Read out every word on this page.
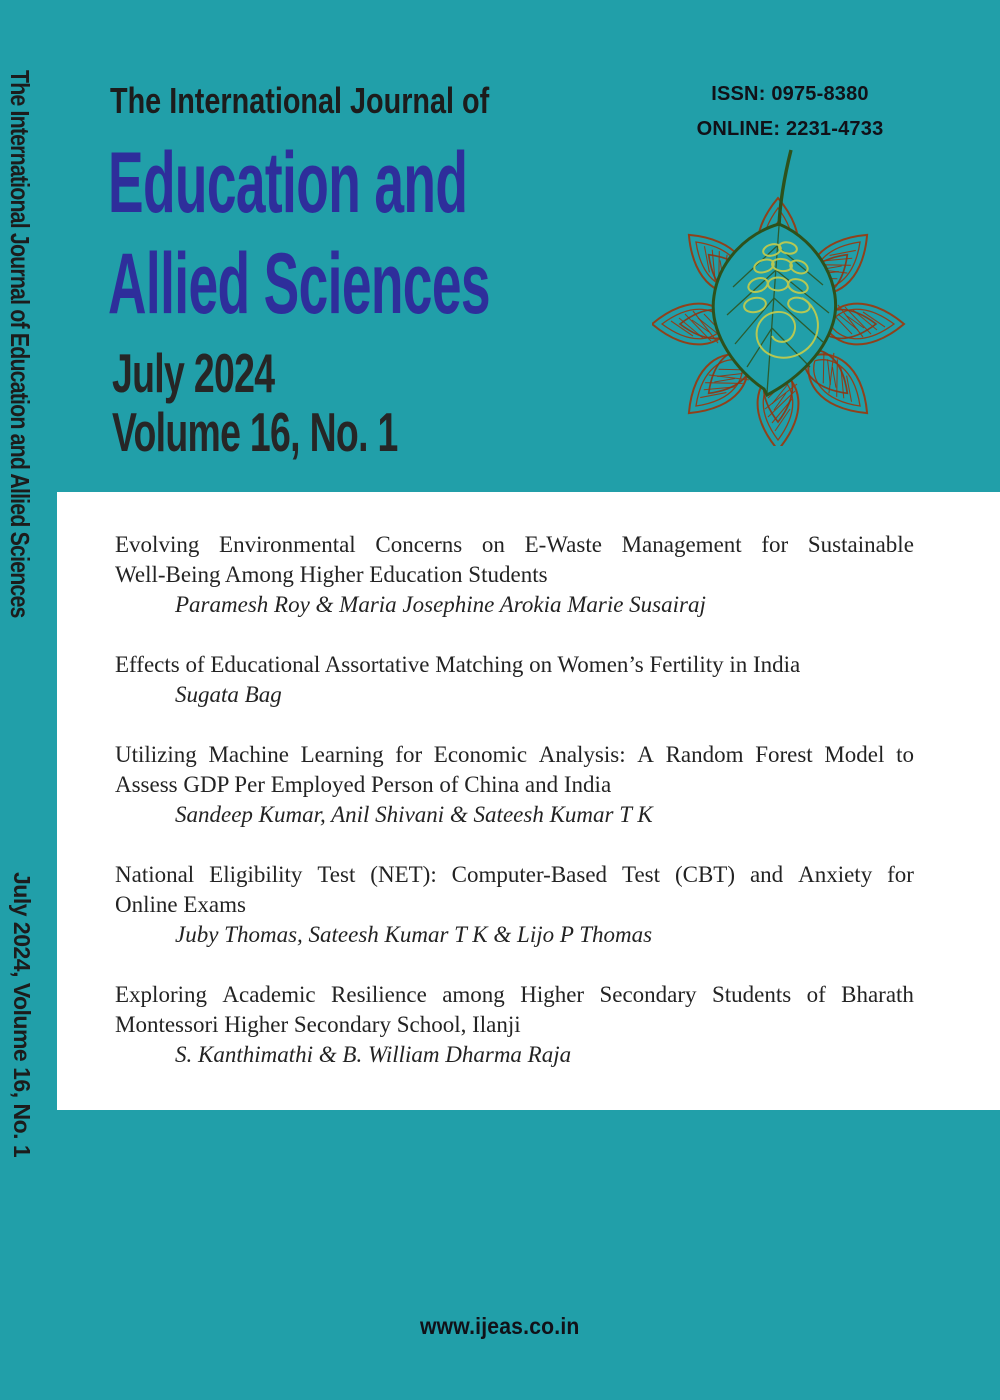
The International Journal of Education and Allied Sciences
July 2024, Volume 16, No. 1
The International Journal of
Education and
Allied Sciences
July 2024
Volume 16, No. 1
ISSN: 0975-8380
ONLINE: 2231-4733
Evolving Environmental Concerns on E-Waste Management for Sustainable
Well-Being Among Higher Education Students
Paramesh Roy & Maria Josephine Arokia Marie Susairaj
Effects of Educational Assortative Matching on Women’s Fertility in India
Sugata Bag
Utilizing Machine Learning for Economic Analysis: A Random Forest Model to
Assess GDP Per Employed Person of China and India
Sandeep Kumar, Anil Shivani & Sateesh Kumar T K
National Eligibility Test (NET): Computer-Based Test (CBT) and Anxiety for
Online Exams
Juby Thomas, Sateesh Kumar T K & Lijo P Thomas
Exploring Academic Resilience among Higher Secondary Students of Bharath
Montessori Higher Secondary School, Ilanji
S. Kanthimathi & B. William Dharma Raja
www.ijeas.co.in
